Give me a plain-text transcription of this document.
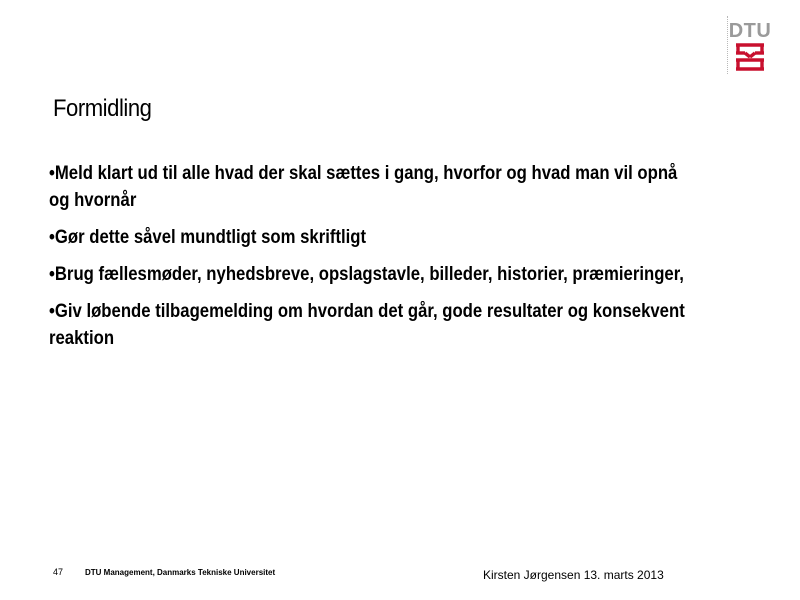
DTU
Formidling
•Meld klart ud til alle hvad der skal sættes i gang, hvorfor og hvad man vil opnå og hvornår
•Gør dette såvel mundtligt som skriftligt
•Brug fællesmøder, nyhedsbreve, opslagstavle, billeder, historier, præmieringer,
•Giv løbende tilbagemelding om hvordan det går, gode resultater og konsekvent reaktion
47	DTU Management, Danmarks Tekniske Universitet	Kirsten Jørgensen 13. marts 2013
